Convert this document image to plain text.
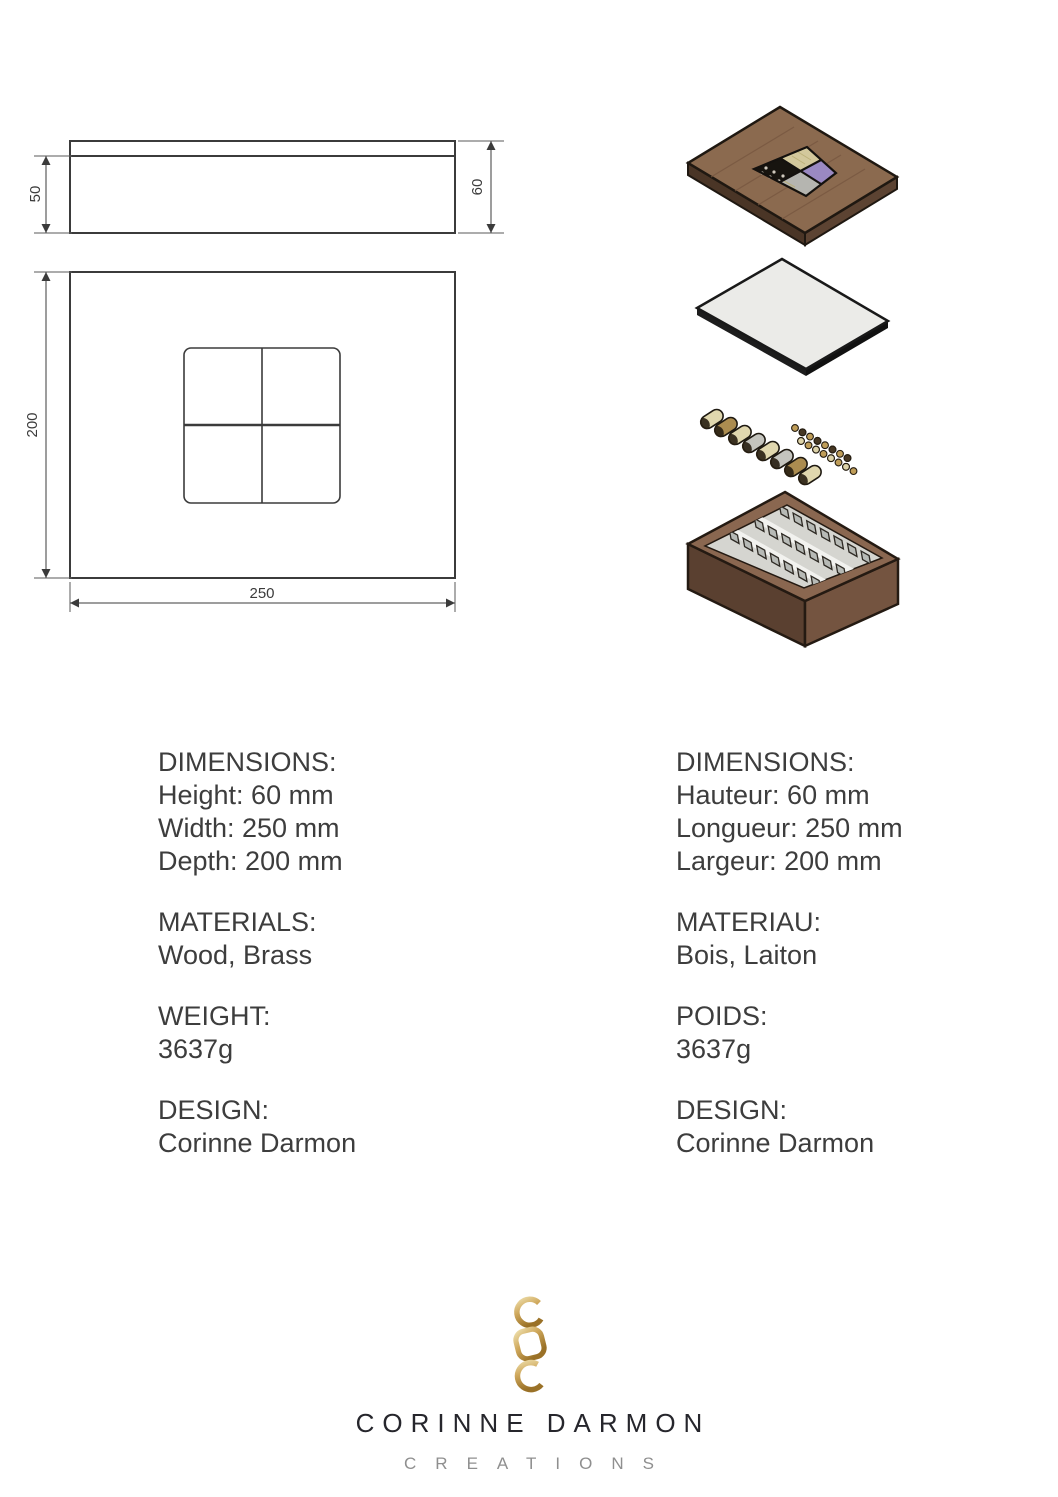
50	60
200
250
DIMENSIONS:
Height: 60 mm
Width: 250 mm
Depth: 200 mm
MATERIALS:
Wood, Brass
WEIGHT:
3637g
DESIGN:
Corinne Darmon
DIMENSIONS:
Hauteur: 60 mm
Longueur: 250 mm
Largeur: 200 mm
MATERIAU:
Bois, Laiton
POIDS:
3637g
DESIGN:
Corinne Darmon
CORINNE DARMON
CREATIONS
